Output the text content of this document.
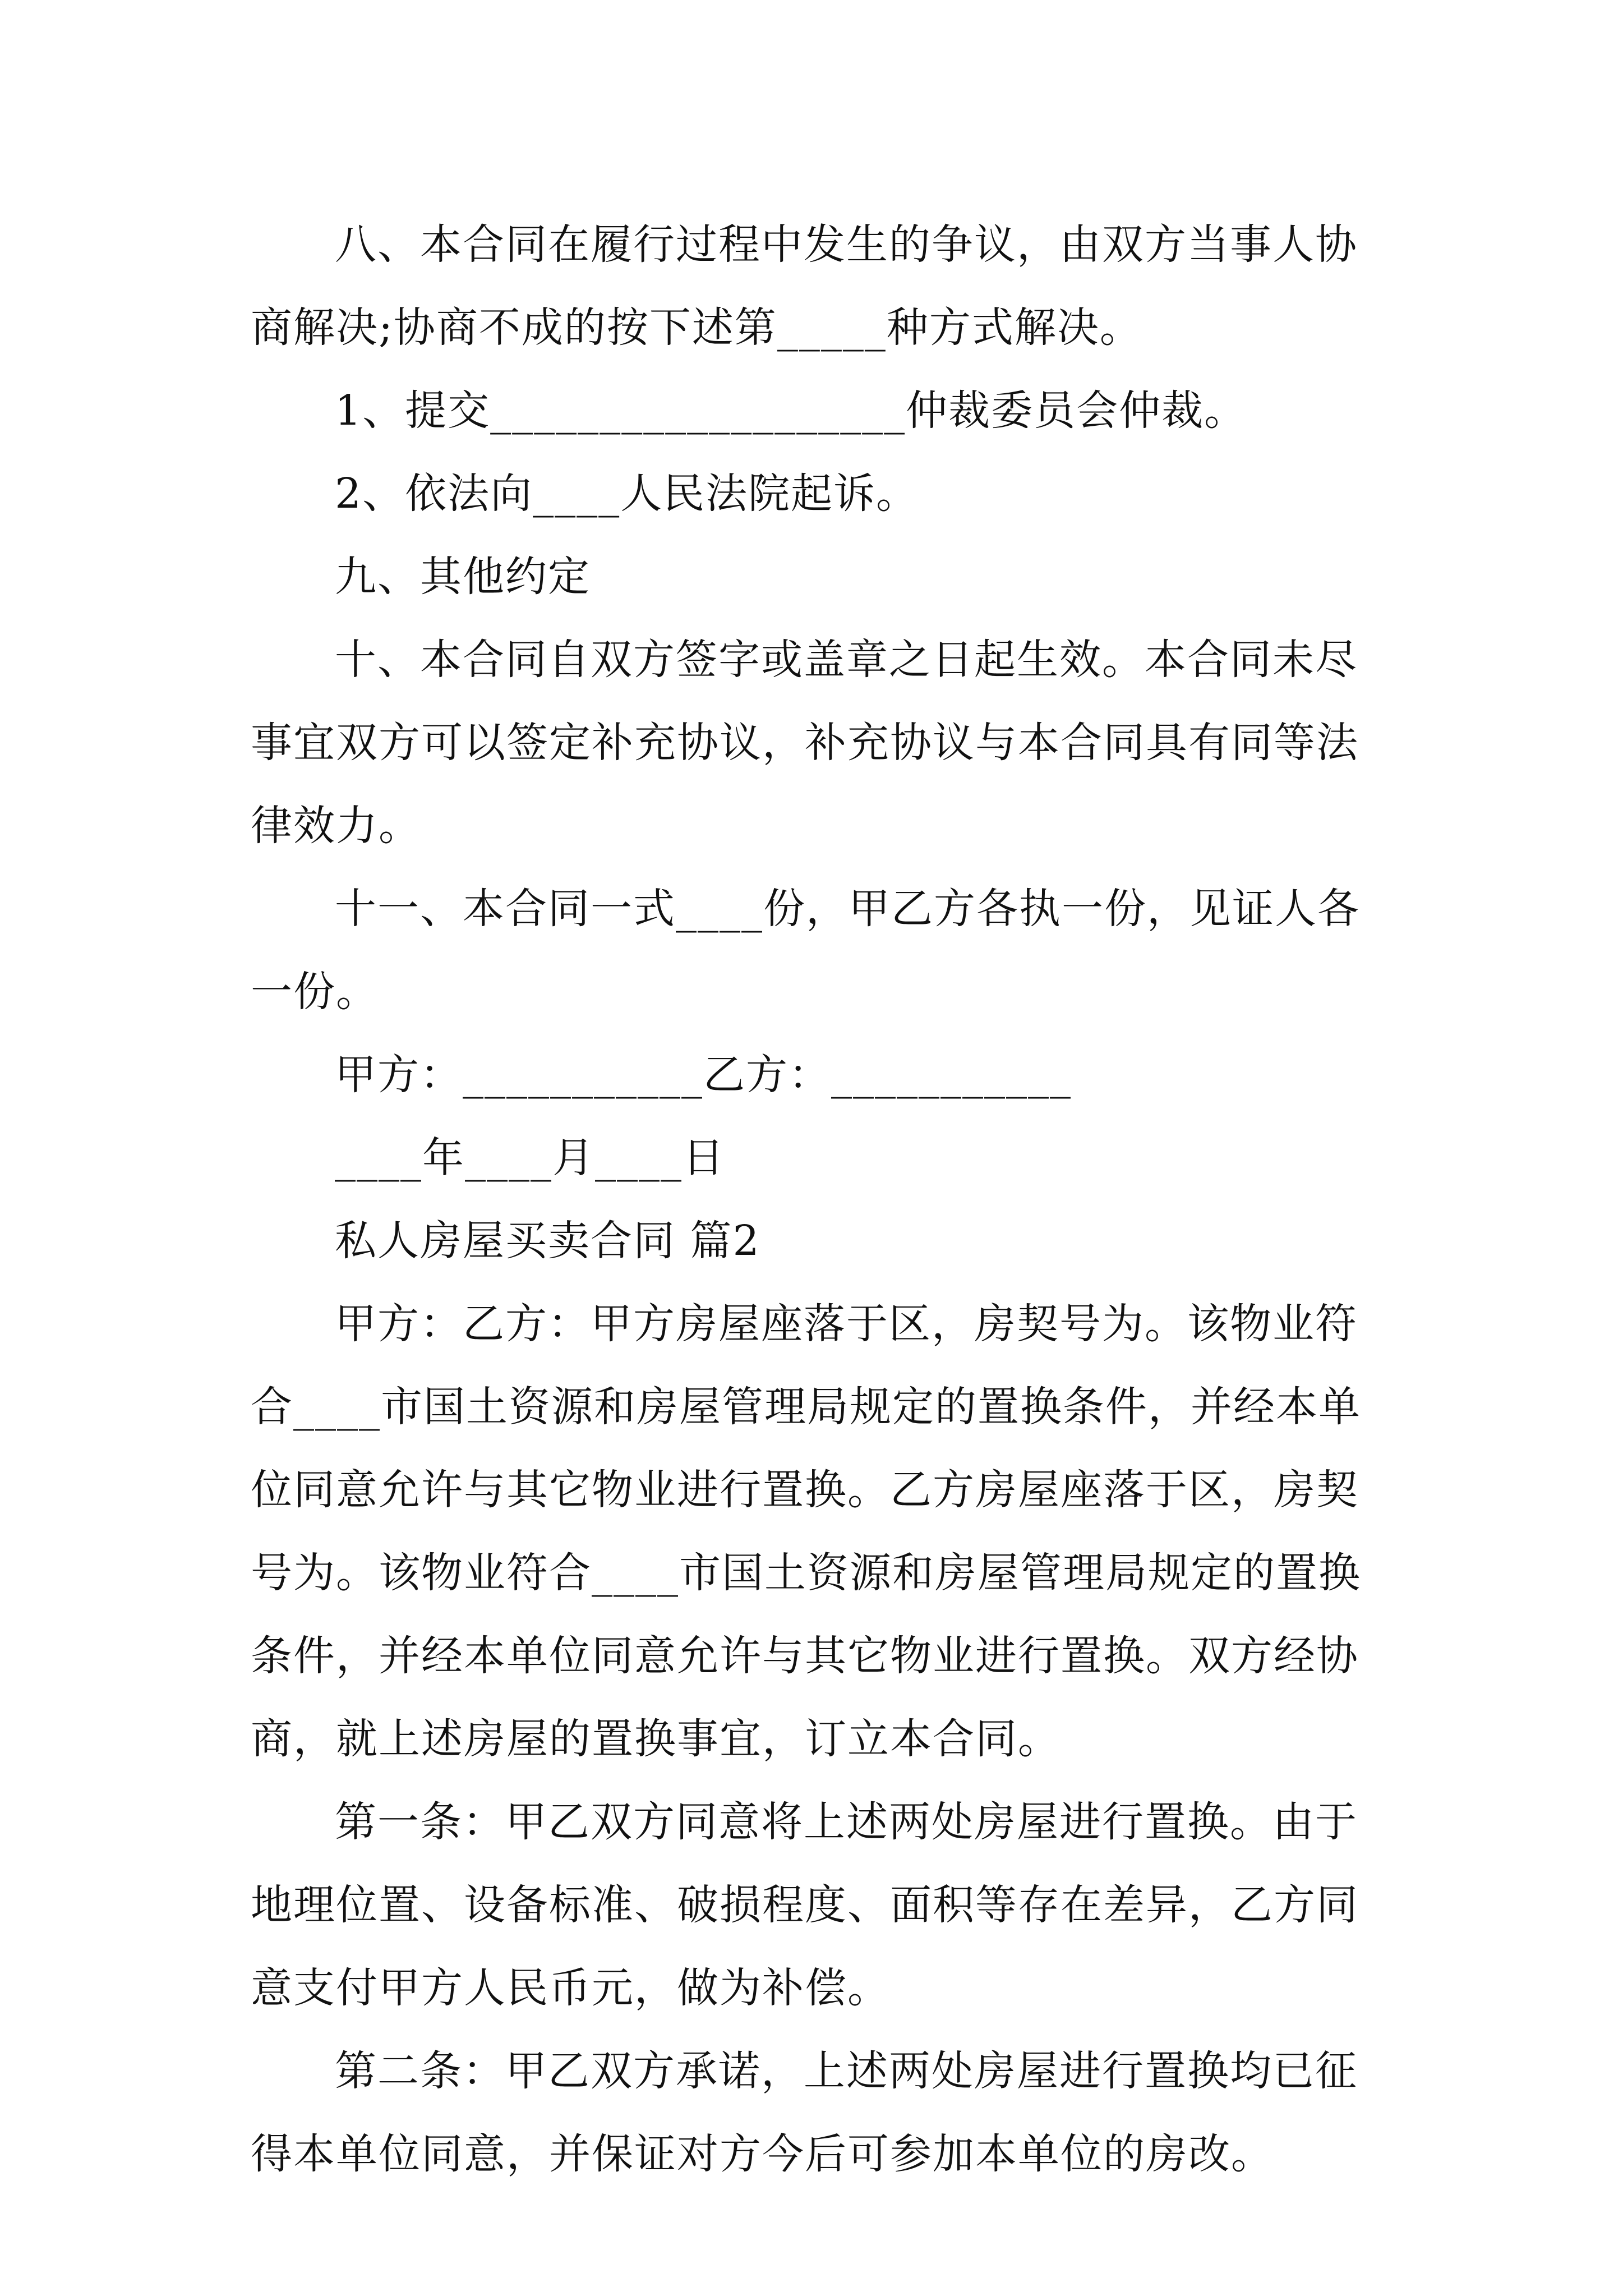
八、本合同在履行过程中发生的争议，由双方当事人协
商解决;协商不成的按下述第_____种方式解决。
1、提交___________________仲裁委员会仲裁。
2、依法向____人民法院起诉。
九、其他约定
十、本合同自双方签字或盖章之日起生效。本合同未尽
事宜双方可以签定补充协议，补充协议与本合同具有同等法
律效力。
十一、本合同一式____份，甲乙方各执一份，见证人各
一份。
甲方：___________乙方：___________
____年____月____日
私人房屋买卖合同 篇2
甲方：乙方：甲方房屋座落于区，房契号为。该物业符
合____市国土资源和房屋管理局规定的置换条件，并经本单
位同意允许与其它物业进行置换。乙方房屋座落于区，房契
号为。该物业符合____市国土资源和房屋管理局规定的置换
条件，并经本单位同意允许与其它物业进行置换。双方经协
商，就上述房屋的置换事宜，订立本合同。
第一条：甲乙双方同意将上述两处房屋进行置换。由于
地理位置、设备标准、破损程度、面积等存在差异，乙方同
意支付甲方人民币元，做为补偿。
第二条：甲乙双方承诺，上述两处房屋进行置换均已征
得本单位同意，并保证对方今后可参加本单位的房改。
